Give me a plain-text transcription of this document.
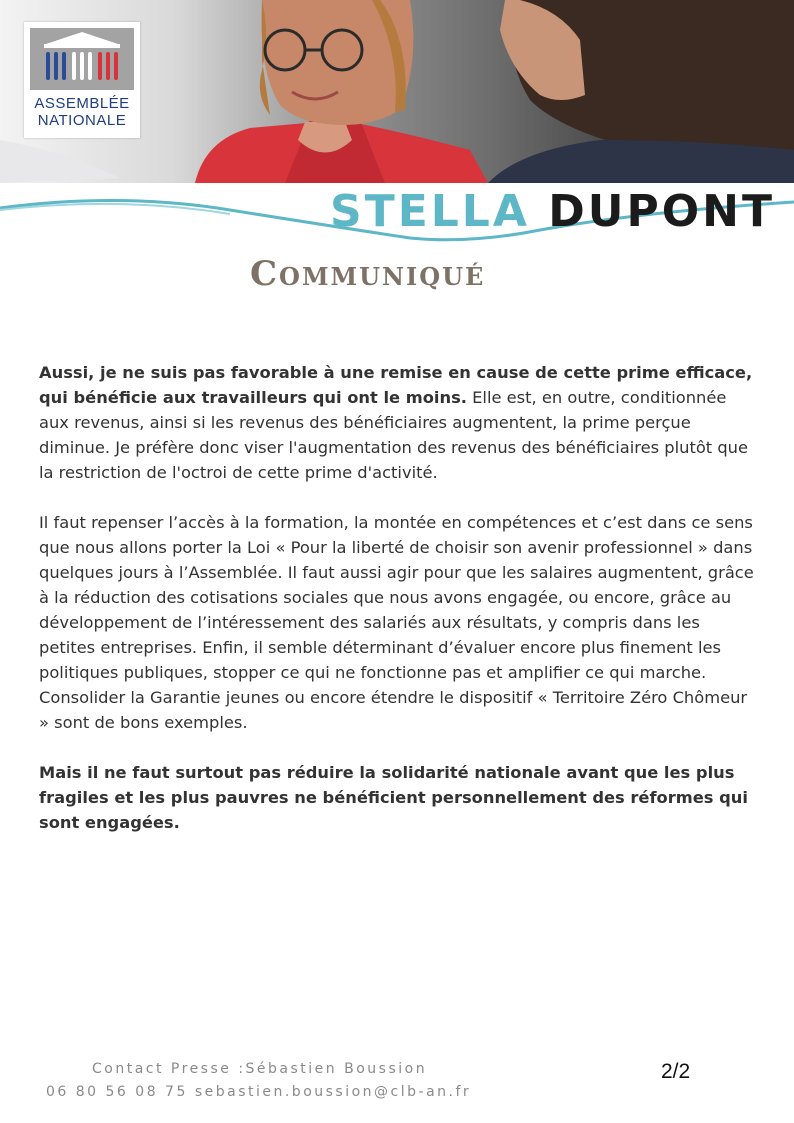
ASSEMBLÉE
NATIONALE
STELLA DUPONT
Communiqué

Aussi, je ne suis pas favorable à une remise en cause de cette prime efficace, qui bénéficie aux travailleurs qui ont le moins. Elle est, en outre, conditionnée aux revenus, ainsi si les revenus des bénéficiaires augmentent, la prime perçue diminue. Je préfère donc viser l'augmentation des revenus des bénéficiaires plutôt que la restriction de l'octroi de cette prime d'activité.

Il faut repenser l’accès à la formation, la montée en compétences et c’est dans ce sens que nous allons porter la Loi « Pour la liberté de choisir son avenir professionnel » dans quelques jours à l’Assemblée. Il faut aussi agir pour que les salaires augmentent, grâce à la réduction des cotisations sociales que nous avons engagée, ou encore, grâce au développement de l’intéressement des salariés aux résultats, y compris dans les petites entreprises. Enfin, il semble déterminant d’évaluer encore plus finement les politiques publiques, stopper ce qui ne fonctionne pas et amplifier ce qui marche. Consolider la Garantie jeunes ou encore étendre le dispositif « Territoire Zéro Chômeur » sont de bons exemples.

Mais il ne faut surtout pas réduire la solidarité nationale avant que les plus fragiles et les plus pauvres ne bénéficient personnellement des réformes qui sont engagées.

Contact Presse :Sébastien Boussion
06 80 56 08 75 sebastien.boussion@clb-an.fr
2/2
